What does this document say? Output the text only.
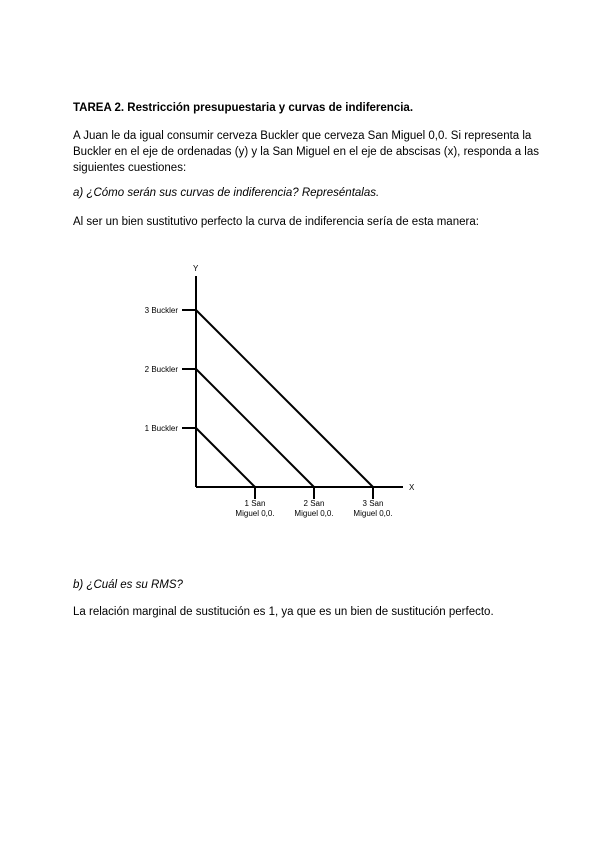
TAREA 2. Restricción presupuestaria y curvas de indiferencia.
A Juan le da igual consumir cerveza Buckler que cerveza San Miguel 0,0. Si representa la Buckler en el eje de ordenadas (y) y la San Miguel en el eje de abscisas (x), responda a las siguientes cuestiones:
a) ¿Cómo serán sus curvas de indiferencia? Represéntalas.
Al ser un bien sustitutivo perfecto la curva de indiferencia sería de esta manera:
X
Y
1 Buckler
2 Buckler
3 Buckler
1 San
Miguel 0,0.
2 San
Miguel 0,0.
3 San
Miguel 0,0.
b) ¿Cuál es su RMS?
La relación marginal de sustitución es 1, ya que es un bien de sustitución perfecto.
